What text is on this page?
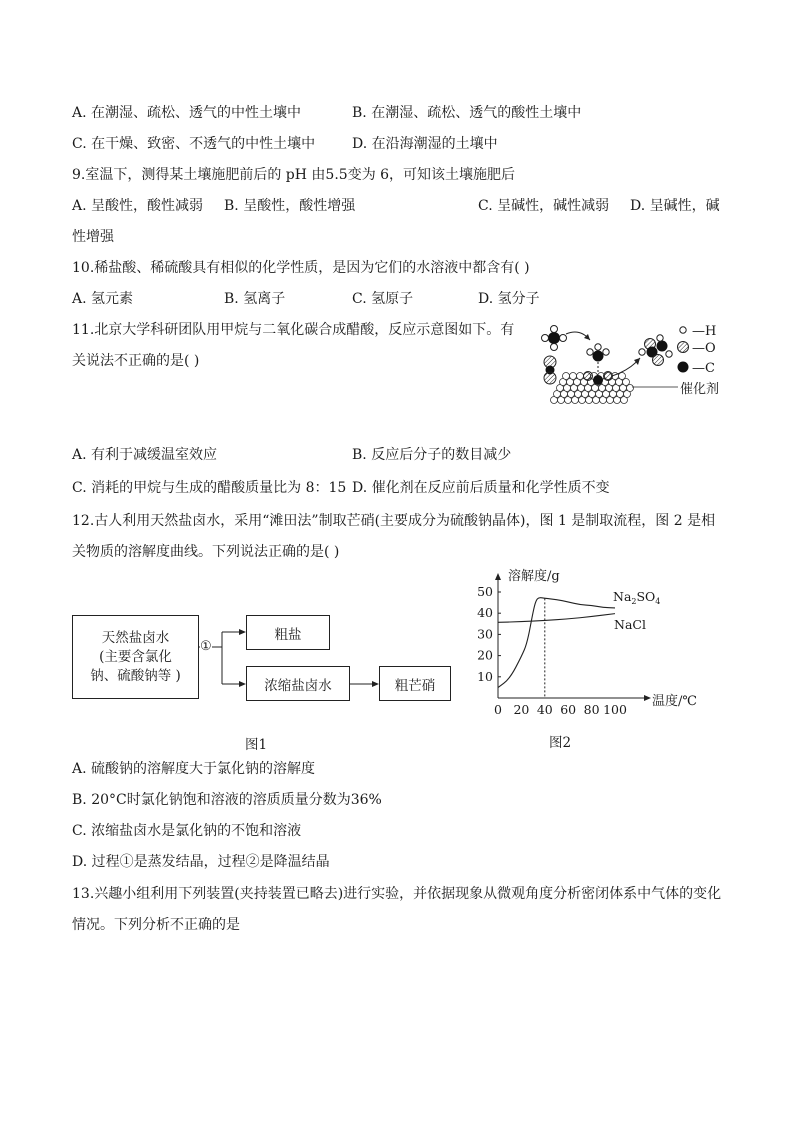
A. 在潮湿、疏松、透气的中性土壤中	B. 在潮湿、疏松、透气的酸性土壤中
C. 在干燥、致密、不透气的中性土壤中	D. 在沿海潮湿的土壤中
9.室温下，测得某土壤施肥前后的 pH 由5.5变为 6，可知该土壤施肥后
A. 呈酸性，酸性减弱 B. 呈酸性，酸性增强	C. 呈碱性，碱性减弱 D. 呈碱性，碱
性增强
10.稀盐酸、稀硫酸具有相似的化学性质，是因为它们的水溶液中都含有( )
A. 氢元素	B. 氢离子	C. 氢原子	D. 氢分子
11.北京大学科研团队用甲烷与二氧化碳合成醋酸，反应示意图如下。有
关说法不正确的是( )
— H
— O
— C
催化剂
A. 有利于减缓温室效应	B. 反应后分子的数目减少
C. 消耗的甲烷与生成的醋酸质量比为 8：15 D. 催化剂在反应前后质量和化学性质不变
12.古人利用天然盐卤水，采用“滩田法”制取芒硝(主要成分为硫酸钠晶体)，图 1 是制取流程，图 2 是相
关物质的溶解度曲线。下列说法正确的是( )
天然盐卤水
(主要含氯化
钠、硫酸钠等 )
粗盐
浓缩盐卤水	粗芒硝
①
图1
0 20 40 60 80 100
10
20
30
40
50
溶解度/g
温度/℃
$Na_2SO_4$
NaCl
图2
A. 硫酸钠的溶解度大于氯化钠的溶解度
B. 20°C时氯化钠饱和溶液的溶质质量分数为36%
C. 浓缩盐卤水是氯化钠的不饱和溶液
D. 过程①是蒸发结晶，过程②是降温结晶
13.兴趣小组利用下列装置(夹持装置已略去)进行实验，并依据现象从微观角度分析密闭体系中气体的变化
情况。下列分析不正确的是
